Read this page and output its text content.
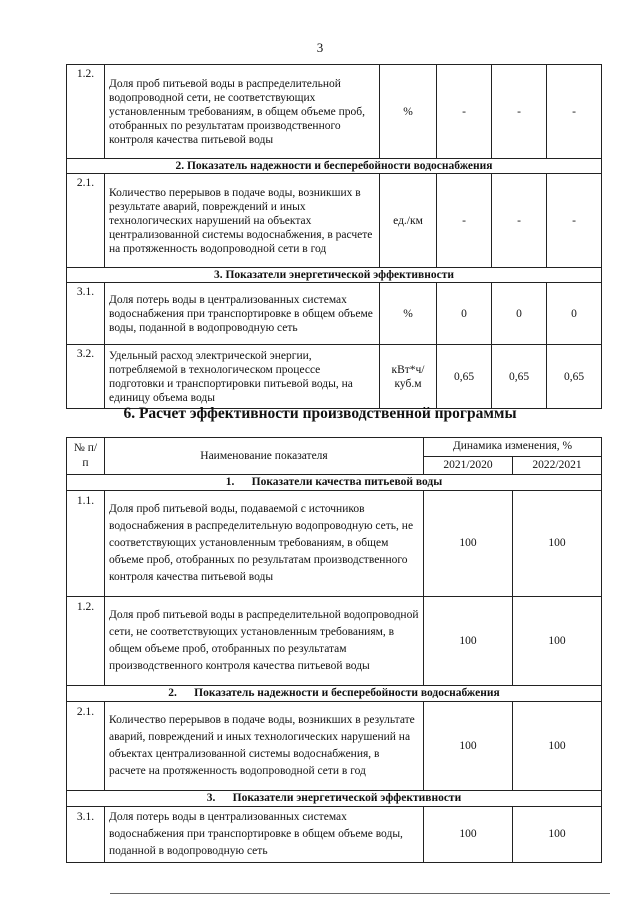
3
1.2.	Доля проб питьевой воды в распределительной водопроводной сети, не соответствующих установленным требованиям, в общем объеме проб, отобранных по результатам производственного контроля качества питьевой воды	%	-	-	-
2. Показатель надежности и бесперебойности водоснабжения					
2.1.	Количество перерывов в подаче воды, возникших в результате аварий, повреждений и иных технологических нарушений на объектах централизованной системы водоснабжения, в расчете на протяженность водопроводной сети в год	ед./км	-	-	-
3. Показатели энергетической эффективности					
3.1.	Доля потерь воды в централизованных системах водоснабжения при транспортировке в общем объеме воды, поданной в водопроводную сеть	%	0	0	0
3.2.	Удельный расход электрической энергии, потребляемой в технологическом процессе подготовки и транспортировки питьевой воды, на единицу объема воды	кВт*ч/ куб.м	0,65	0,65	0,65
6. Расчет эффективности производственной программы
№ п/п	Наименование показателя	Динамика изменения, %	
		2021/2020	2022/2021
1.      Показатели качества питьевой воды			
1.1.	Доля проб питьевой воды, подаваемой с источников водоснабжения в распределительную водопроводную сеть, не соответствующих установленным требованиям, в общем объеме проб, отобранных по результатам производственного контроля качества питьевой воды	100	100
1.2.	Доля проб питьевой воды в распределительной водопроводной сети, не соответствующих установленным требованиям, в общем объеме проб, отобранных по результатам производственного контроля качества питьевой воды	100	100
2.      Показатель надежности и бесперебойности водоснабжения			
2.1.	Количество перерывов в подаче воды, возникших в результате аварий, повреждений и иных технологических нарушений на объектах централизованной системы водоснабжения, в расчете на протяженность водопроводной сети в год	100	100
3.      Показатели энергетической эффективности			
3.1.	Доля потерь воды в централизованных системах водоснабжения при транспортировке в общем объеме воды, поданной в водопроводную сеть	100	100
